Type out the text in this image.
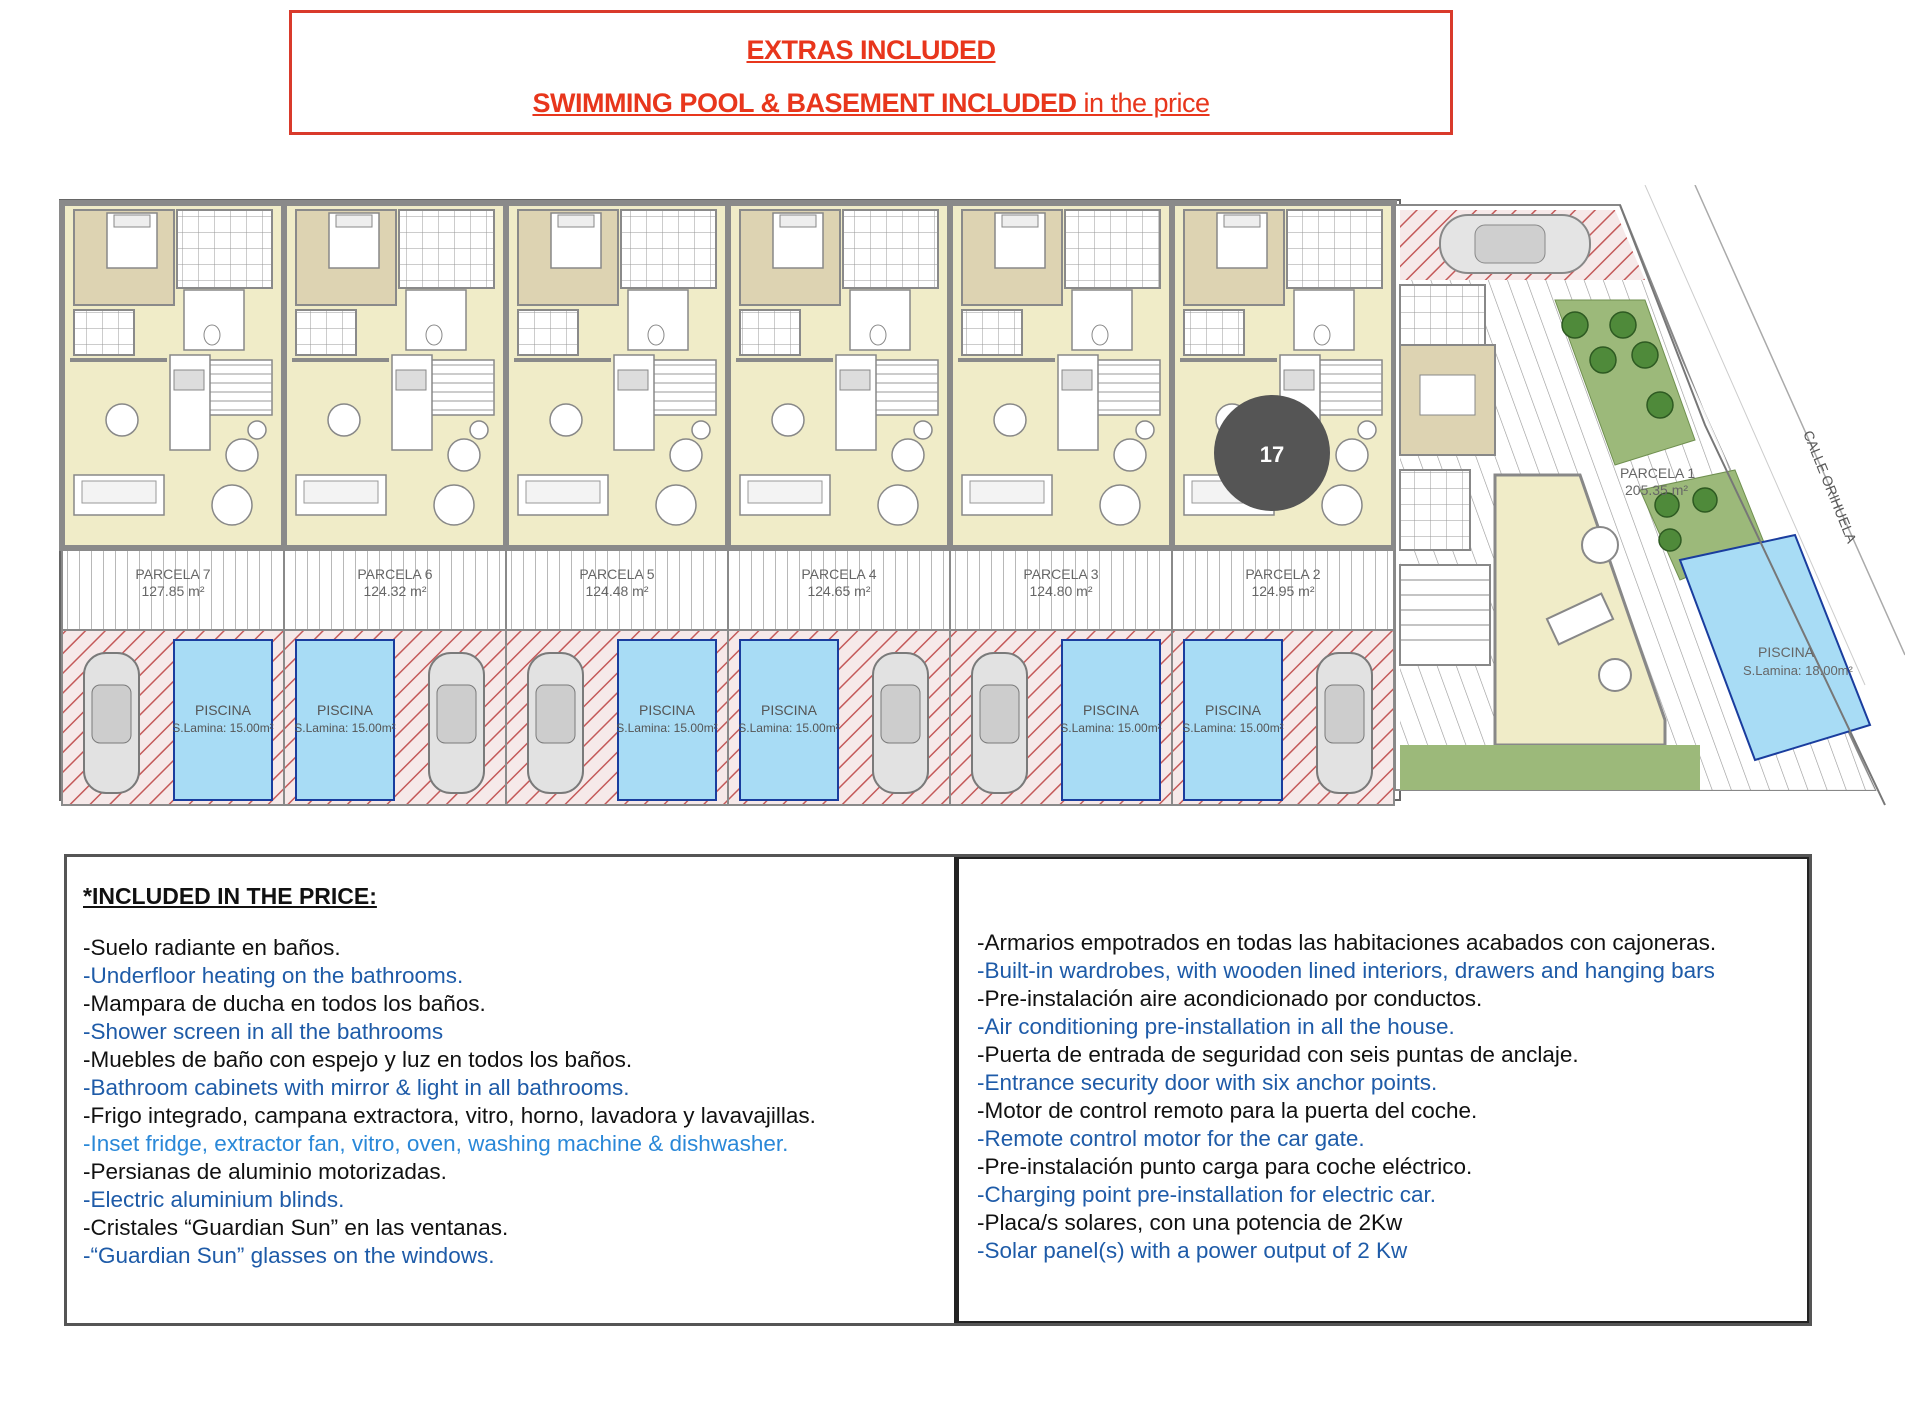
EXTRAS INCLUDED
SWIMMING POOL & BASEMENT INCLUDED in the price
PARCELA 7
127.85 m²
PISCINA
S.Lamina: 15.00m²
PARCELA 6
124.32 m²
PISCINA
S.Lamina: 15.00m²
PARCELA 5
124.48 m²
PISCINA
S.Lamina: 15.00m²
PARCELA 4
124.65 m²
PISCINA
S.Lamina: 15.00m²
PARCELA 3
124.80 m²
PISCINA
S.Lamina: 15.00m²
PARCELA 2
124.95 m²
PISCINA
S.Lamina: 15.00m²
PARCELA 1
205.35 m²
PISCINA
S.Lamina: 18.00m²
CALLE ORIHUELA
17
*INCLUDED IN THE PRICE:
-Suelo radiante en baños.
-Underfloor heating on the bathrooms.
-Mampara de ducha en todos los baños.
-Shower screen in all the bathrooms
-Muebles de baño con espejo y luz en todos los baños.
-Bathroom cabinets with mirror & light in all bathrooms.
-Frigo integrado, campana extractora, vitro, horno, lavadora y lavavajillas.
-Inset fridge, extractor fan, vitro, oven, washing machine & dishwasher.
-Persianas de aluminio motorizadas.
-Electric aluminium blinds.
-Cristales “Guardian Sun” en las ventanas.
-“Guardian Sun” glasses on the windows.
-Armarios empotrados en todas las habitaciones acabados con cajoneras.
-Built-in wardrobes, with wooden lined interiors, drawers and hanging bars
-Pre-instalación aire acondicionado por conductos.
-Air conditioning pre-installation in all the house.
-Puerta de entrada de seguridad con seis puntas de anclaje.
-Entrance security door with six anchor points.
-Motor de control remoto para la puerta del coche.
-Remote control motor for the car gate.
-Pre-instalación punto carga para coche eléctrico.
-Charging point pre-installation for electric car.
-Placa/s solares, con una potencia de 2Kw
-Solar panel(s) with a power output of 2 Kw
